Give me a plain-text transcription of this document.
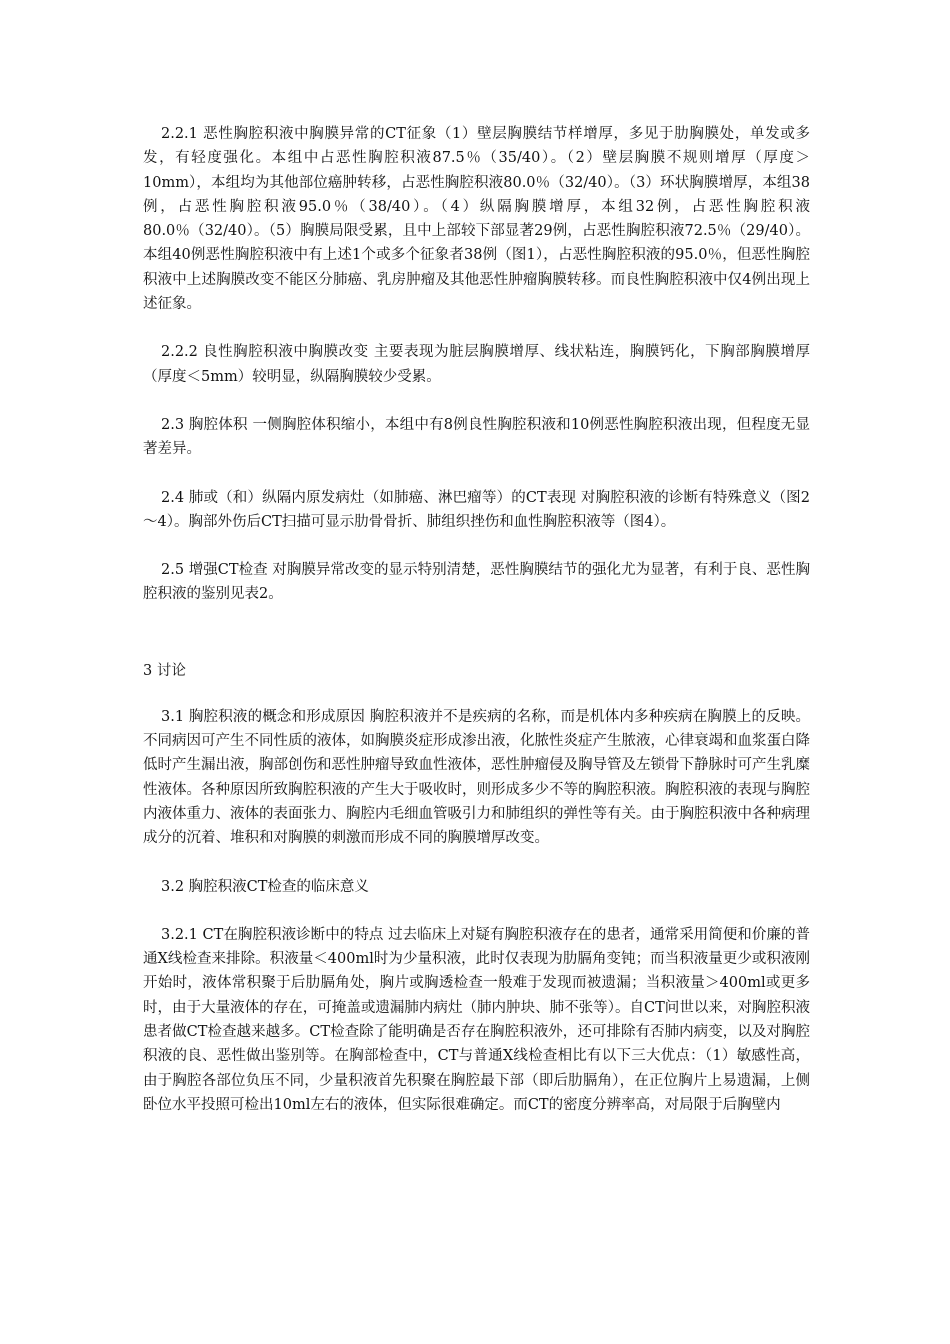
2.2.1 恶性胸腔积液中胸膜异常的CT征象（1）壁层胸膜结节样增厚，多见于肋胸膜处，单发或多发，有轻度强化。本组中占恶性胸腔积液87.5％（35/40）。（2）壁层胸膜不规则增厚（厚度＞10mm），本组均为其他部位癌肿转移，占恶性胸腔积液80.0％（32/40）。（3）环状胸膜增厚，本组38例，占恶性胸腔积液95.0％（38/40）。（4）纵隔胸膜增厚，本组32例，占恶性胸腔积液80.0％（32/40）。（5）胸膜局限受累，且中上部较下部显著29例，占恶性胸腔积液72.5％（29/40）。本组40例恶性胸腔积液中有上述1个或多个征象者38例（图1），占恶性胸腔积液的95.0％，但恶性胸腔积液中上述胸膜改变不能区分肺癌、乳房肿瘤及其他恶性肿瘤胸膜转移。而良性胸腔积液中仅4例出现上述征象。

2.2.2 良性胸腔积液中胸膜改变 主要表现为脏层胸膜增厚、线状粘连，胸膜钙化，下胸部胸膜增厚（厚度＜5mm）较明显，纵隔胸膜较少受累。

2.3 胸腔体积 一侧胸腔体积缩小，本组中有8例良性胸腔积液和10例恶性胸腔积液出现，但程度无显著差异。

2.4 肺或（和）纵隔内原发病灶（如肺癌、淋巴瘤等）的CT表现 对胸腔积液的诊断有特殊意义（图2～4）。胸部外伤后CT扫描可显示肋骨骨折、肺组织挫伤和血性胸腔积液等（图4）。

2.5 增强CT检查 对胸膜异常改变的显示特别清楚，恶性胸膜结节的强化尤为显著，有利于良、恶性胸腔积液的鉴别见表2。

3 讨论

3.1 胸腔积液的概念和形成原因 胸腔积液并不是疾病的名称，而是机体内多种疾病在胸膜上的反映。不同病因可产生不同性质的液体，如胸膜炎症形成渗出液，化脓性炎症产生脓液，心律衰竭和血浆蛋白降低时产生漏出液，胸部创伤和恶性肿瘤导致血性液体，恶性肿瘤侵及胸导管及左锁骨下静脉时可产生乳糜性液体。各种原因所致胸腔积液的产生大于吸收时，则形成多少不等的胸腔积液。胸腔积液的表现与胸腔内液体重力、液体的表面张力、胸腔内毛细血管吸引力和肺组织的弹性等有关。由于胸腔积液中各种病理成分的沉着、堆积和对胸膜的刺激而形成不同的胸膜增厚改变。

3.2 胸腔积液CT检查的临床意义

3.2.1 CT在胸腔积液诊断中的特点 过去临床上对疑有胸腔积液存在的患者，通常采用简便和价廉的普通X线检查来排除。积液量＜400ml时为少量积液，此时仅表现为肋膈角变钝；而当积液量更少或积液刚开始时，液体常积聚于后肋膈角处，胸片或胸透检查一般难于发现而被遗漏；当积液量＞400ml或更多时，由于大量液体的存在，可掩盖或遗漏肺内病灶（肺内肿块、肺不张等）。自CT问世以来，对胸腔积液患者做CT检查越来越多。CT检查除了能明确是否存在胸腔积液外，还可排除有否肺内病变，以及对胸腔积液的良、恶性做出鉴别等。在胸部检查中，CT与普通X线检查相比有以下三大优点：（1）敏感性高，由于胸腔各部位负压不同，少量积液首先积聚在胸腔最下部（即后肋膈角），在正位胸片上易遗漏，上侧卧位水平投照可检出10ml左右的液体，但实际很难确定。而CT的密度分辨率高，对局限于后胸壁内
